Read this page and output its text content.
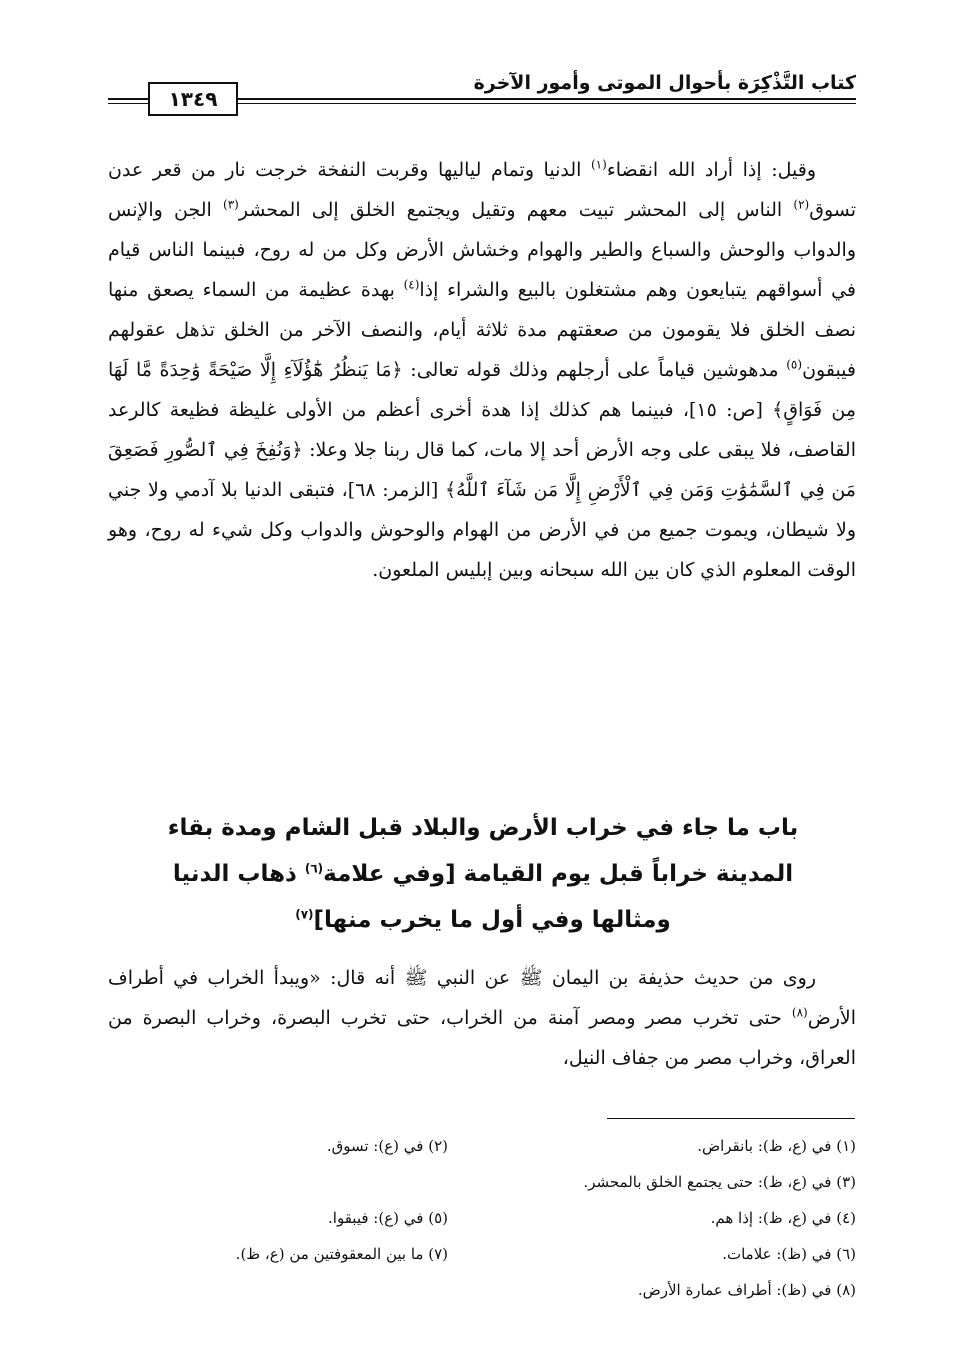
كتاب التَّذْكِرَة بأحوال الموتى وأمور الآخرة
١٣٤٩

وقيل: إذا أراد الله انقضاء$^{(١)}$ الدنيا وتمام لياليها وقربت النفخة خرجت نار من قعر عدن تسوق$^{(٢)}$ الناس إلى المحشر تبيت معهم وتقيل ويجتمع الخلق إلى المحشر$^{(٣)}$ الجن والإنس والدواب والوحش والسباع والطير والهوام وخشاش الأرض وكل من له روح، فبينما الناس قيام في أسواقهم يتبايعون وهم مشتغلون بالبيع والشراء إذا$^{(٤)}$ بهدة عظيمة من السماء يصعق منها نصف الخلق فلا يقومون من صعقتهم مدة ثلاثة أيام، والنصف الآخر من الخلق تذهل عقولهم فيبقون$^{(٥)}$ مدهوشين قياماً على أرجلهم وذلك قوله تعالى: ﴿مَا يَنظُرُ هَٰٓؤُلَآءِ إِلَّا صَيْحَةً وَٰحِدَةً مَّا لَهَا مِن فَوَاقٍ﴾ [ص: ١٥]، فبينما هم كذلك إذا هدة أخرى أعظم من الأولى غليظة فظيعة كالرعد القاصف، فلا يبقى على وجه الأرض أحد إلا مات، كما قال ربنا جلا وعلا: ﴿وَنُفِخَ فِي ٱلصُّورِ فَصَعِقَ مَن فِي ٱلسَّمَٰوَٰتِ وَمَن فِي ٱلْأَرْضِ إِلَّا مَن شَآءَ ٱللَّهُ﴾ [الزمر: ٦٨]، فتبقى الدنيا بلا آدمي ولا جني ولا شيطان، ويموت جميع من في الأرض من الهوام والوحوش والدواب وكل شيء له روح، وهو الوقت المعلوم الذي كان بين الله سبحانه وبين إبليس الملعون.

باب ما جاء في خراب الأرض والبلاد قبل الشام ومدة بقاء المدينة خراباً قبل يوم القيامة [وفي علامة$^{(٦)}$ ذهاب الدنيا ومثالها وفي أول ما يخرب منها]$^{(٧)}$

روى من حديث حذيفة بن اليمان ﷺ عن النبي ﷺ أنه قال: «ويبدأ الخراب في أطراف الأرض$^{(٨)}$ حتى تخرب مصر ومصر آمنة من الخراب، حتى تخرب البصرة، وخراب البصرة من العراق، وخراب مصر من جفاف النيل،

(١) في (ع، ظ): بانقراض.
(٢) في (ع): تسوق.
(٣) في (ع، ظ): حتى يجتمع الخلق بالمحشر.
(٤) في (ع، ظ): إذا هم.
(٥) في (ع): فيبقوا.
(٦) في (ظ): علامات.
(٧) ما بين المعقوفتين من (ع، ظ).
(٨) في (ظ): أطراف عمارة الأرض.
